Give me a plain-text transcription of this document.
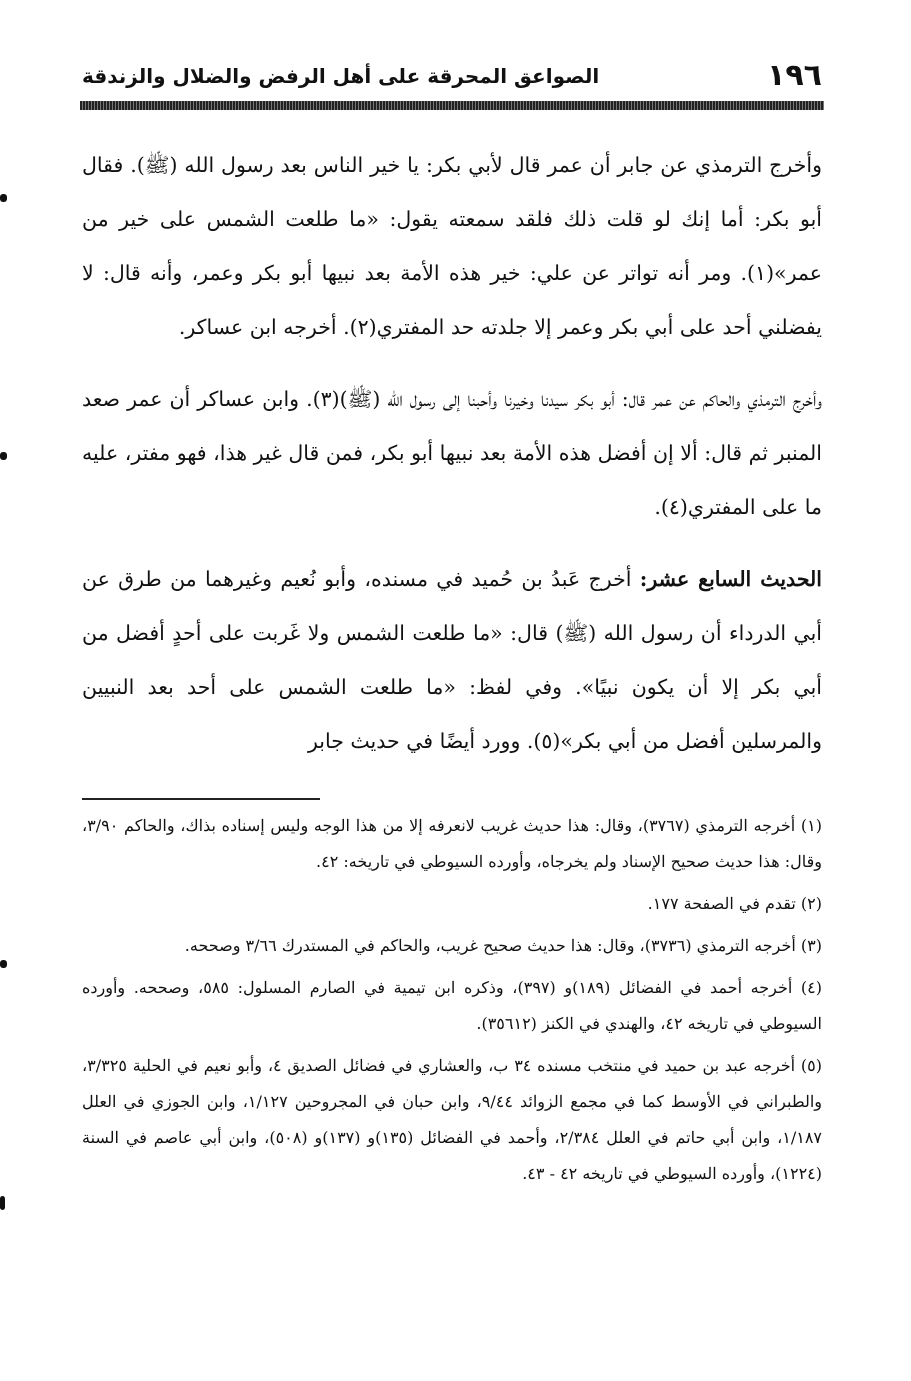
١٩٦
الصواعق المحرقة على أهل الرفض والضلال والزندقة

وأخرج الترمذي عن جابر أن عمر قال لأبي بكر: يا خير الناس بعد رسول الله (ﷺ). فقال أبو بكر: أما إنك لو قلت ذلك فلقد سمعته يقول: «ما طلعت الشمس على خير من عمر»(١). ومر أنه تواتر عن علي: خير هذه الأمة بعد نبيها أبو بكر وعمر، وأنه قال: لا يفضلني أحد على أبي بكر وعمر إلا جلدته حد المفتري(٢). أخرجه ابن عساكر.

وأخرج الترمذي والحاكم عن عمر قال: أبو بكر سيدنا وخيرنا وأحبنا إلى رسول الله (ﷺ)(٣). وابن عساكر أن عمر صعد المنبر ثم قال: ألا إن أفضل هذه الأمة بعد نبيها أبو بكر، فمن قال غير هذا، فهو مفتر، عليه ما على المفتري(٤).

الحديث السابع عشر: أخرج عَبدُ بن حُميد في مسنده، وأبو نُعيم وغيرهما من طرق عن أبي الدرداء أن رسول الله (ﷺ) قال: «ما طلعت الشمس ولا غَربت على أحدٍ أفضل من أبي بكر إلا أن يكون نبيًا». وفي لفظ: «ما طلعت الشمس على أحد بعد النبيين والمرسلين أفضل من أبي بكر»(٥). وورد أيضًا في حديث جابر

(١) أخرجه الترمذي (٣٧٦٧)، وقال: هذا حديث غريب لانعرفه إلا من هذا الوجه وليس إسناده بذاك، والحاكم ٣/٩٠، وقال: هذا حديث صحيح الإسناد ولم يخرجاه، وأورده السيوطي في تاريخه: ٤٢.

(٢) تقدم في الصفحة ١٧٧.

(٣) أخرجه الترمذي (٣٧٣٦)، وقال: هذا حديث صحيح غريب، والحاكم في المستدرك ٣/٦٦ وصححه.

(٤) أخرجه أحمد في الفضائل (١٨٩)و (٣٩٧)، وذكره ابن تيمية في الصارم المسلول: ٥٨٥، وصححه. وأورده السيوطي في تاريخه ٤٢، والهندي في الكنز (٣٥٦١٢).

(٥) أخرجه عبد بن حميد في منتخب مسنده ٣٤ ب، والعشاري في فضائل الصديق ٤، وأبو نعيم في الحلية ٣/٣٢٥، والطبراني في الأوسط كما في مجمع الزوائد ٩/٤٤، وابن حبان في المجروحين ١/١٢٧، وابن الجوزي في العلل ١/١٨٧، وابن أبي حاتم في العلل ٢/٣٨٤، وأحمد في الفضائل (١٣٥)و (١٣٧)و (٥٠٨)، وابن أبي عاصم في السنة (١٢٢٤)، وأورده السيوطي في تاريخه ٤٢ - ٤٣.
